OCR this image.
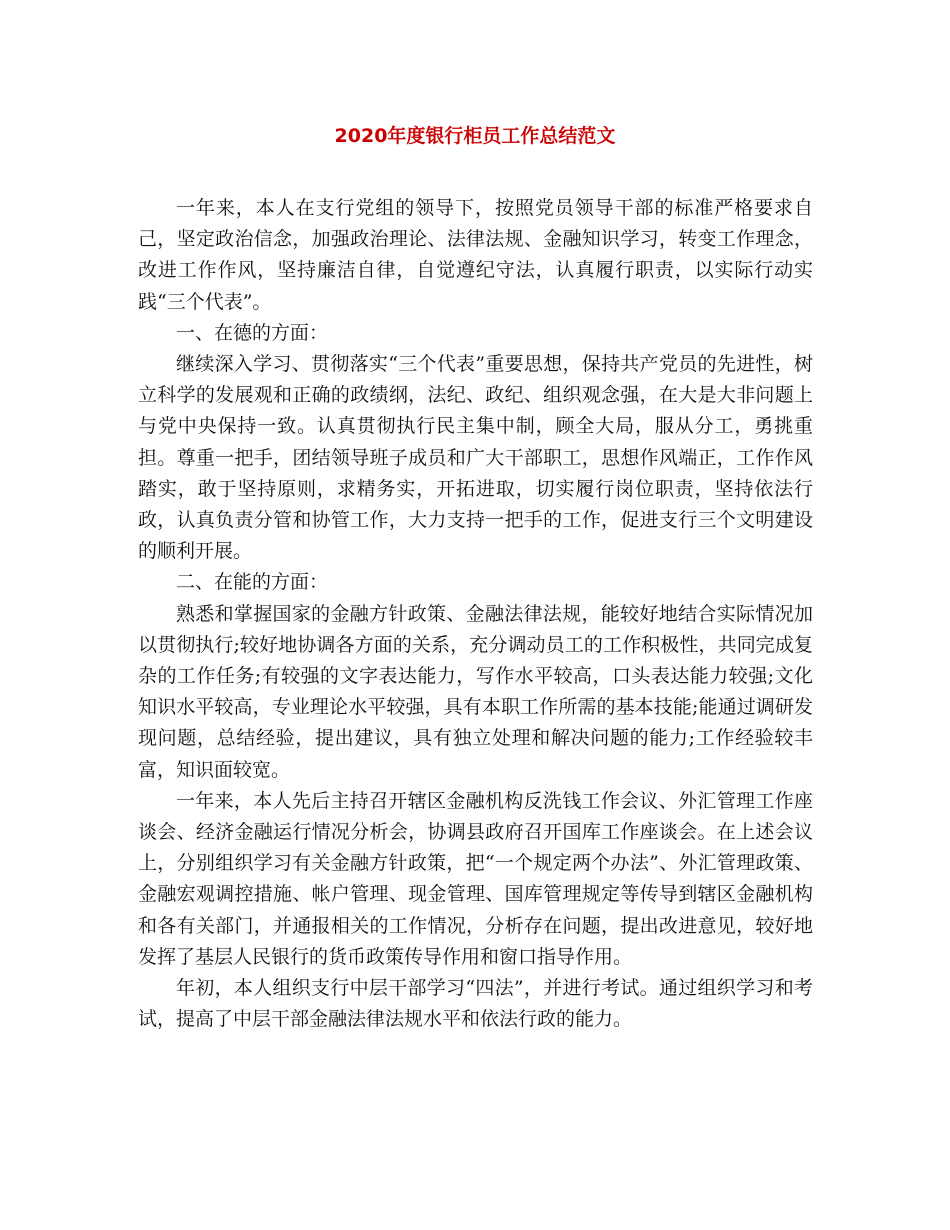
2020年度银行柜员工作总结范文

一年来，本人在支行党组的领导下，按照党员领导干部的标准严格要求自己，坚定政治信念，加强政治理论、法律法规、金融知识学习，转变工作理念，改进工作作风，坚持廉洁自律，自觉遵纪守法，认真履行职责，以实际行动实践“三个代表”。

一、在德的方面：

继续深入学习、贯彻落实“三个代表”重要思想，保持共产党员的先进性，树立科学的发展观和正确的政绩纲，法纪、政纪、组织观念强，在大是大非问题上与党中央保持一致。认真贯彻执行民主集中制，顾全大局，服从分工，勇挑重担。尊重一把手，团结领导班子成员和广大干部职工，思想作风端正，工作作风踏实，敢于坚持原则，求精务实，开拓进取，切实履行岗位职责，坚持依法行政，认真负责分管和协管工作，大力支持一把手的工作，促进支行三个文明建设的顺利开展。

二、在能的方面：

熟悉和掌握国家的金融方针政策、金融法律法规，能较好地结合实际情况加以贯彻执行;较好地协调各方面的关系，充分调动员工的工作积极性，共同完成复杂的工作任务;有较强的文字表达能力，写作水平较高，口头表达能力较强;文化知识水平较高，专业理论水平较强，具有本职工作所需的基本技能;能通过调研发现问题，总结经验，提出建议，具有独立处理和解决问题的能力;工作经验较丰富，知识面较宽。

一年来，本人先后主持召开辖区金融机构反洗钱工作会议、外汇管理工作座谈会、经济金融运行情况分析会，协调县政府召开国库工作座谈会。在上述会议上，分别组织学习有关金融方针政策，把“一个规定两个办法”、外汇管理政策、金融宏观调控措施、帐户管理、现金管理、国库管理规定等传导到辖区金融机构和各有关部门，并通报相关的工作情况，分析存在问题，提出改进意见，较好地发挥了基层人民银行的货币政策传导作用和窗口指导作用。

年初，本人组织支行中层干部学习“四法”，并进行考试。通过组织学习和考试，提高了中层干部金融法律法规水平和依法行政的能力。
